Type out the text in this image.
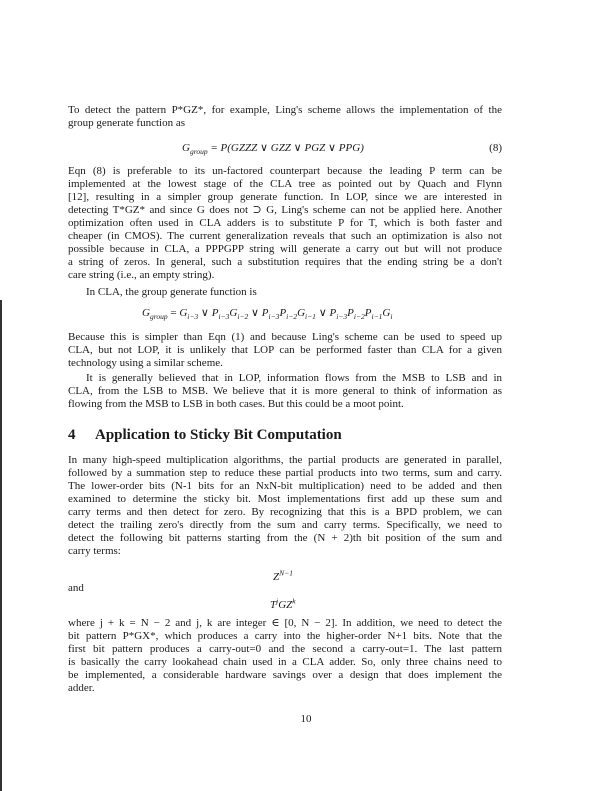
To detect the pattern P*GZ*, for example, Ling's scheme allows the implementation of the
group generate function as
$G_{group}$ = P(GZZZ ∨ GZZ ∨ PGZ ∨ PPG)	(8)
Eqn (8) is preferable to its un-factored counterpart because the leading P term can be
implemented at the lowest stage of the CLA tree as pointed out by Quach and Flynn
[12], resulting in a simpler group generate function. In LOP, since we are interested in
detecting T*GZ* and since G does not ⊃ G, Ling's scheme can not be applied here. Another
optimization often used in CLA adders is to substitute P for T, which is both faster and
cheaper (in CMOS). The current generalization reveals that such an optimization is also not
possible because in CLA, a PPPGPP string will generate a carry out but will not produce
a string of zeros. In general, such a substitution requires that the ending string be a don't
care string (i.e., an empty string).
In CLA, the group generate function is
$G_{group} = G_{i-3}$ ∨ $P_{i-3}G_{i-2}$ ∨ $P_{i-3}P_{i-2}G_{i-1}$ ∨ $P_{i-3}P_{i-2}P_{i-1}G_i$
Because this is simpler than Eqn (1) and because Ling's scheme can be used to speed up
CLA, but not LOP, it is unlikely that LOP can be performed faster than CLA for a given
technology using a similar scheme.
It is generally believed that in LOP, information flows from the MSB to LSB and in
CLA, from the LSB to MSB. We believe that it is more general to think of information as
flowing from the MSB to LSB in both cases. But this could be a moot point.
4 Application to Sticky Bit Computation
In many high-speed multiplication algorithms, the partial products are generated in parallel,
followed by a summation step to reduce these partial products into two terms, sum and carry.
The lower-order bits (N-1 bits for an NxN-bit multiplication) need to be added and then
examined to determine the sticky bit. Most implementations first add up these sum and
carry terms and then detect for zero. By recognizing that this is a BPD problem, we can
detect the trailing zero's directly from the sum and carry terms. Specifically, we need to
detect the following bit patterns starting from the (N + 2)th bit position of the sum and
carry terms:
$Z^{N-1}$
and
$T^jGZ^k$
where j + k = N − 2 and j, k are integer ∈ [0, N − 2]. In addition, we need to detect the
bit pattern P*GX*, which produces a carry into the higher-order N+1 bits. Note that the
first bit pattern produces a carry-out=0 and the second a carry-out=1. The last pattern
is basically the carry lookahead chain used in a CLA adder. So, only three chains need to
be implemented, a considerable hardware savings over a design that does implement the
adder.
10
